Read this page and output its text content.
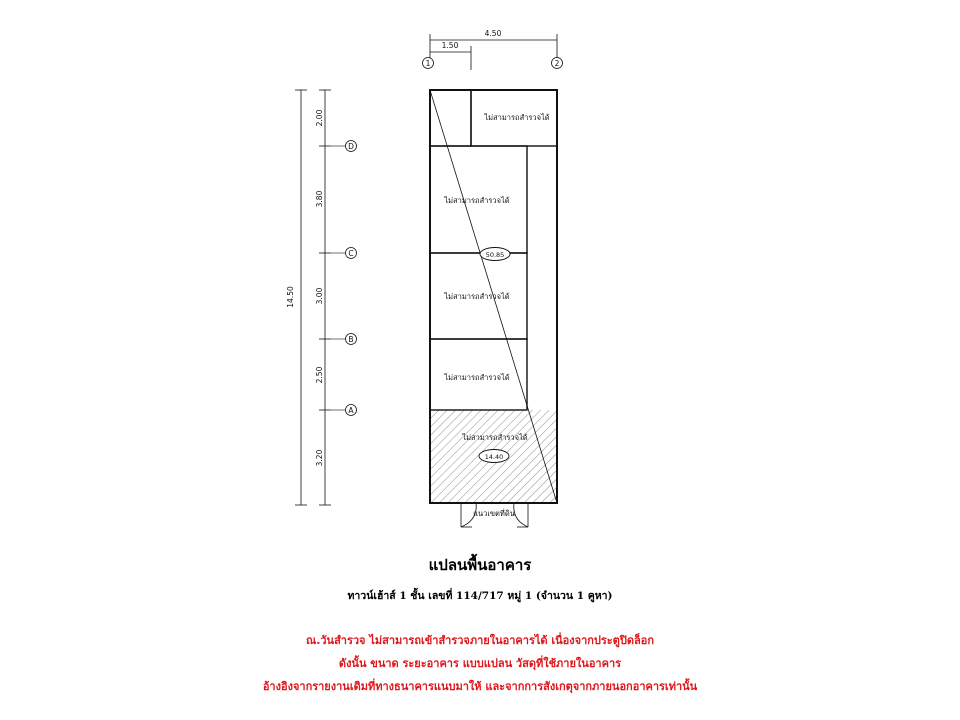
4.50
1.50
1	2
14.50
2.00
3.80
3.00
2.50
3.20
D
C
B
A
ไม่สามารถสำรวจได้
ไม่สามารถสำรวจได้
ไม่สามารถสำรวจได้
ไม่สามารถสำรวจได้
ไม่สามารถสำรวจได้
50.85
14.40
แนวเขตที่ดิน

แปลนพื้นอาคาร

ทาวน์เฮ้าส์ 1 ชั้น เลขที่ 114/717 หมู่ 1 (จำนวน 1 คูหา)

ณ.วันสำรวจ ไม่สามารถเข้าสำรวจภายในอาคารได้ เนื่องจากประตูปิดล็อก

ดังนั้น ขนาด ระยะอาคาร แบบแปลน วัสดุที่ใช้ภายในอาคาร

อ้างอิงจากรายงานเดิมที่ทางธนาคารแนบมาให้ และจากการสังเกตุจากภายนอกอาคารเท่านั้น
